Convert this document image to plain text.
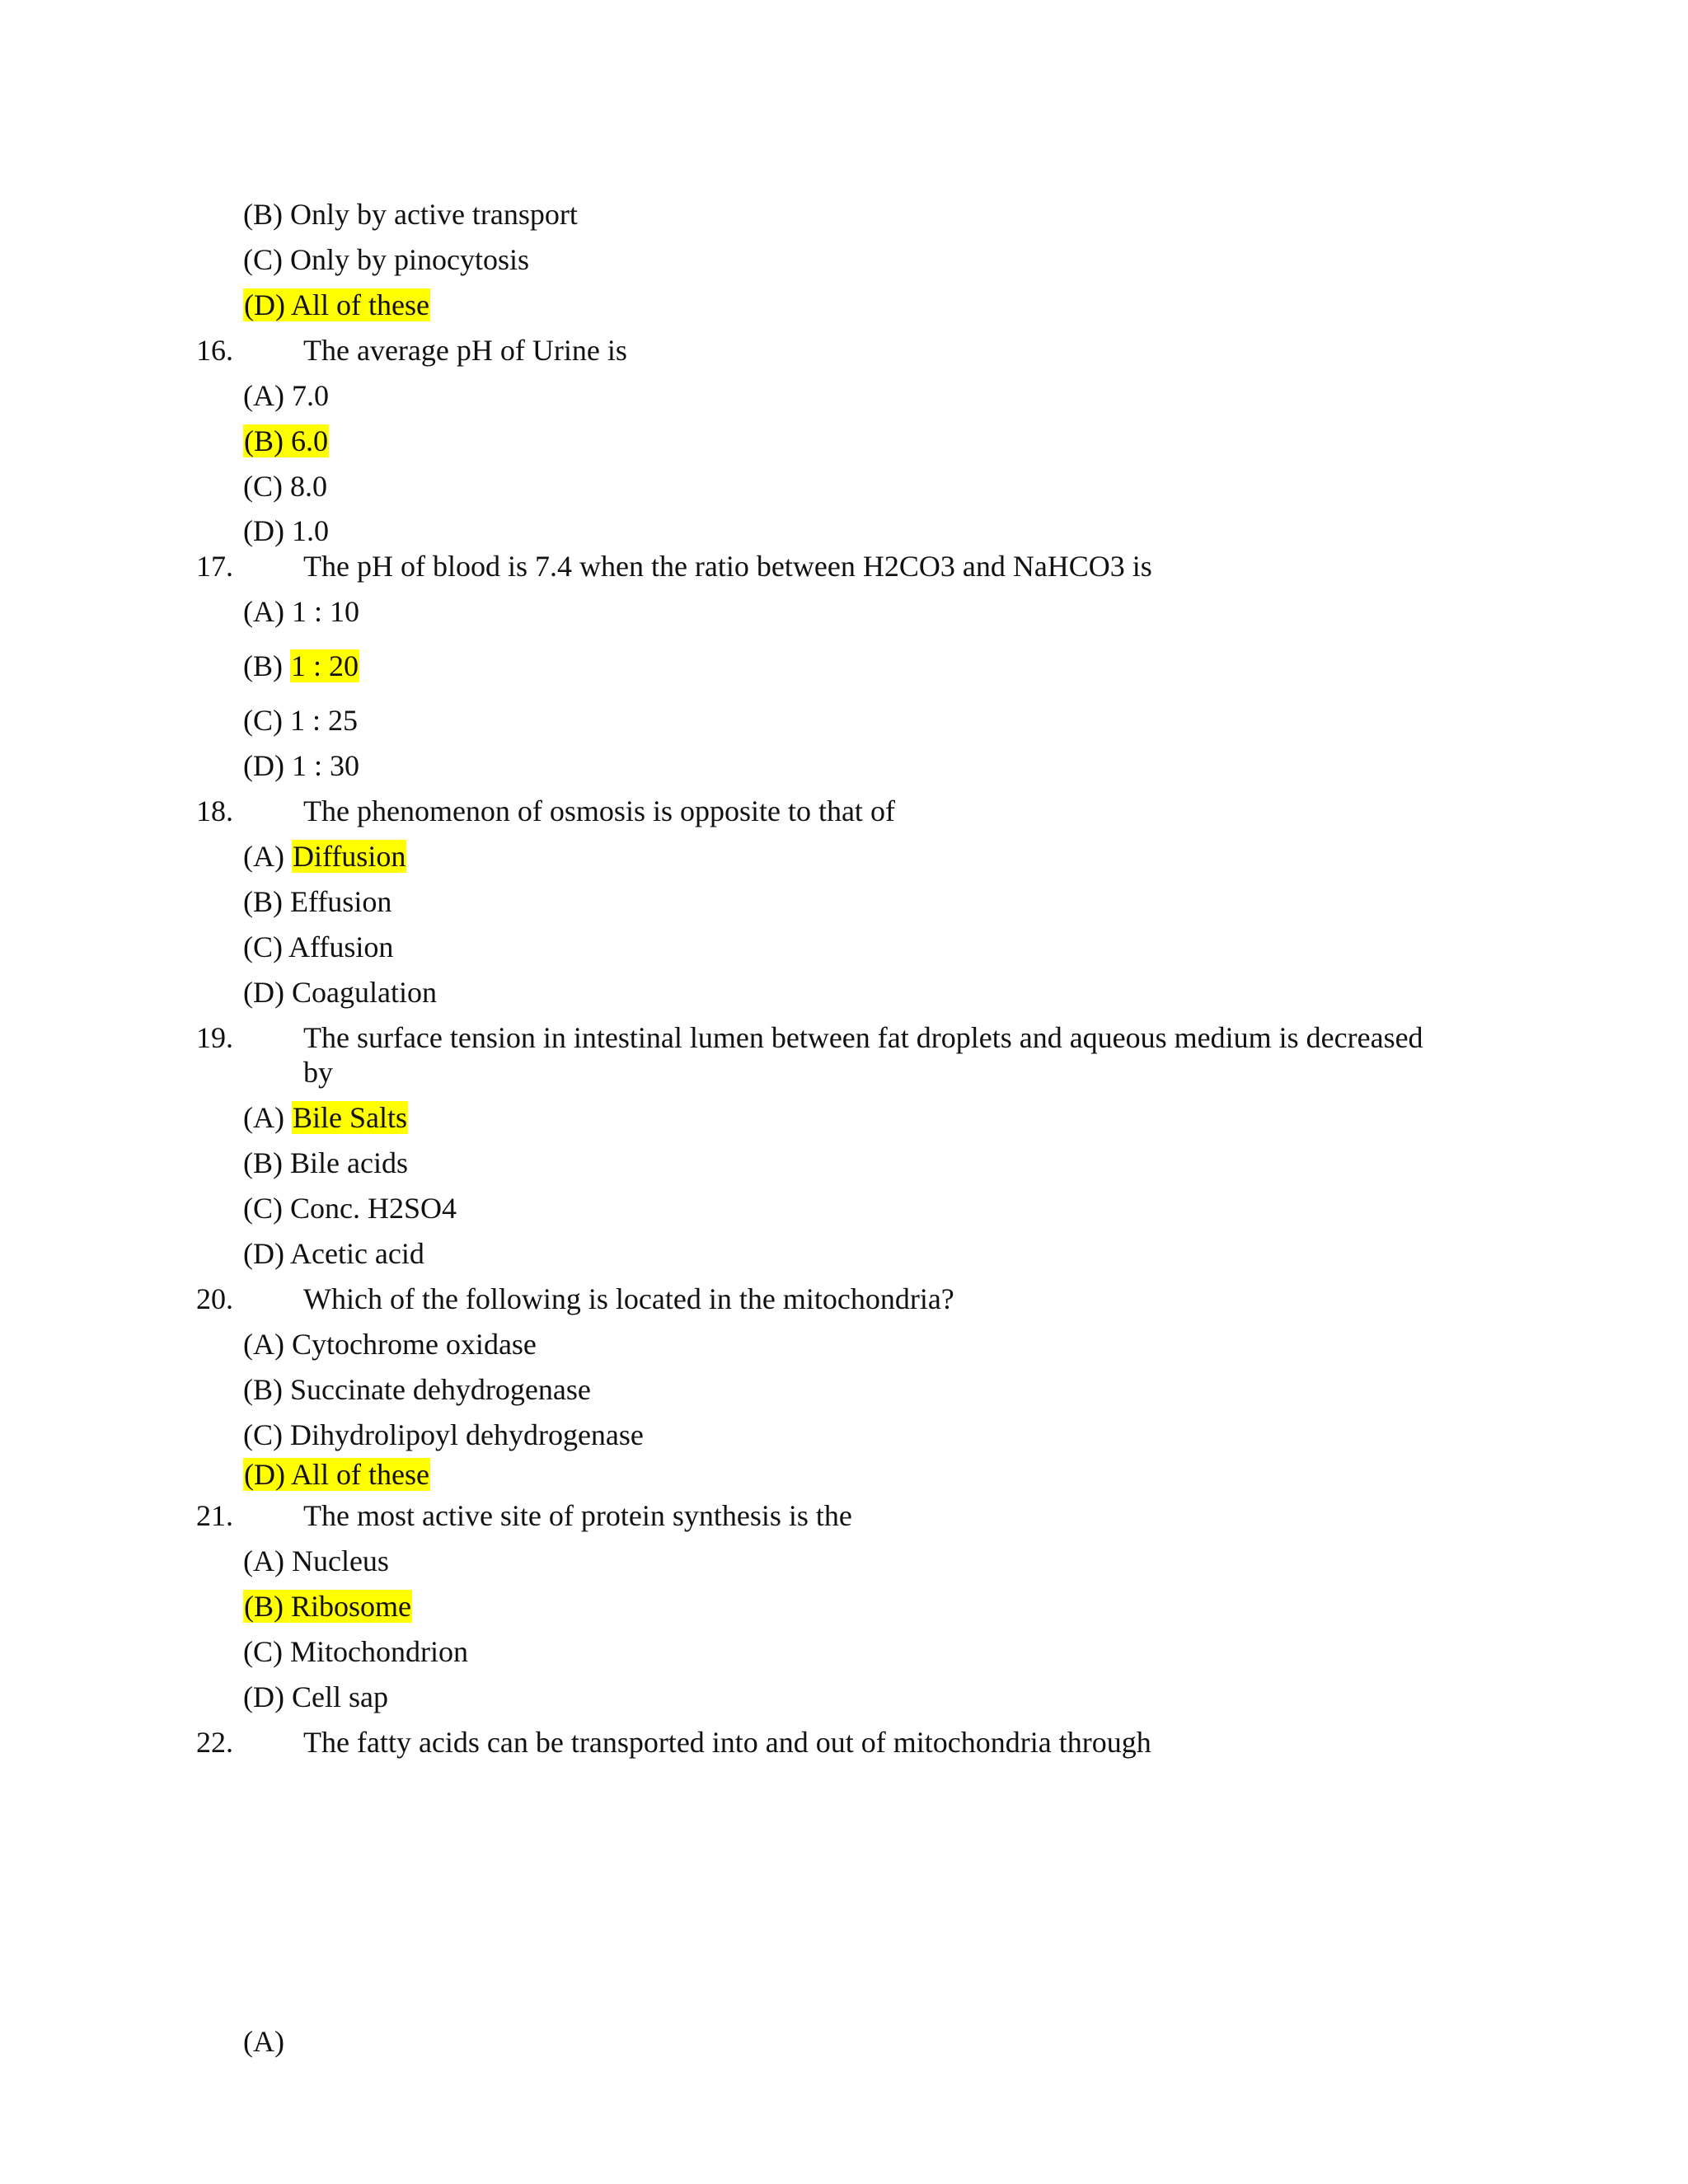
(B) Only by active transport
(C) Only by pinocytosis
(D) All of these
16. The average pH of Urine is
(A) 7.0
(B) 6.0
(C) 8.0
(D) 1.0
17. The pH of blood is 7.4 when the ratio between H2CO3 and NaHCO3 is
(A) 1 : 10
(B) 1 : 20
(C) 1 : 25
(D) 1 : 30
18. The phenomenon of osmosis is opposite to that of
(A) Diffusion
(B) Effusion
(C) Affusion
(D) Coagulation
19. The surface tension in intestinal lumen between fat droplets and aqueous medium is decreased
by
(A) Bile Salts
(B) Bile acids
(C) Conc. H2SO4
(D) Acetic acid
20. Which of the following is located in the mitochondria?
(A) Cytochrome oxidase
(B) Succinate dehydrogenase
(C) Dihydrolipoyl dehydrogenase
(D) All of these
21. The most active site of protein synthesis is the
(A) Nucleus
(B) Ribosome
(C) Mitochondrion
(D) Cell sap
22. The fatty acids can be transported into and out of mitochondria through
(A)
